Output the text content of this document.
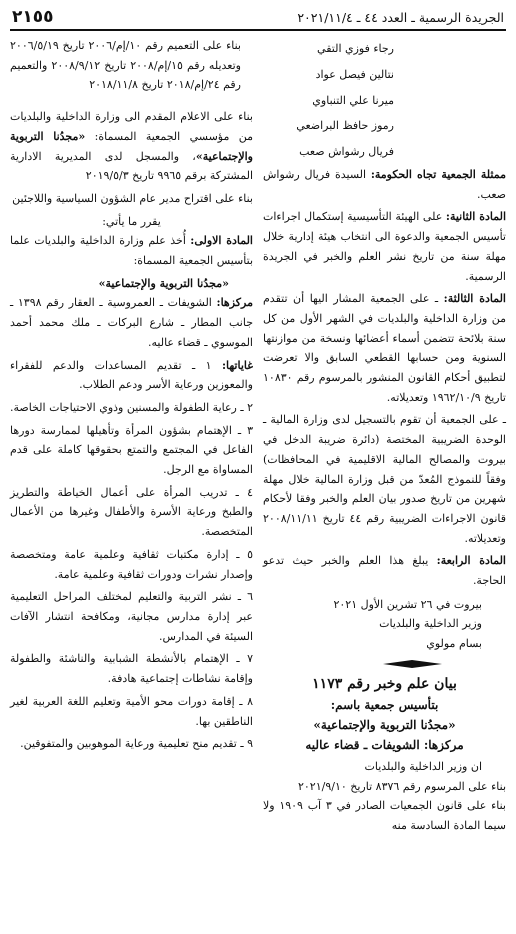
الجريدة الرسمية ـ العدد ٤٤ ـ ٢٠٢١/١١/٤
٢١٥٥
رجاء فوزي التقي
نتالين فيصل عواد
ميرنا علي التنباوي
رموز حافظ البراضعي
فريال رشواش صعب

ممثلة الجمعية تجاه الحكومة: السيدة فريال رشواش صعب.

المادة الثانية: على الهيئة التأسيسية إستكمال اجراءات تأسيس الجمعية والدعوة الى انتخاب هيئة إدارية خلال مهلة سنة من تاريخ نشر العلم والخبر في الجريدة الرسمية.

المادة الثالثة: ـ على الجمعية المشار اليها أن تتقدم من وزارة الداخلية والبلديات في الشهر الأول من كل سنة بلائحة تتضمن أسماء أعضائها ونسخة من موازنتها السنوية ومن حسابها القطعي السابق والا تعرضت لتطبيق أحكام القانون المنشور بالمرسوم رقم ١٠٨٣٠ تاريخ ١٩٦٢/١٠/٩ وتعديلاته.

ـ على الجمعية أن تقوم بالتسجيل لدى وزارة المالية ـ الوحدة الضريبية المختصة (دائرة ضريبة الدخل في بيروت والمصالح المالية الاقليمية في المحافظات) وفقاً للنموذج المُعدّ من قبل وزارة المالية خلال مهلة شهرين من تاريخ صدور بيان العلم والخبر وفقا لأحكام قانون الاجراءات الضريبية رقم ٤٤ تاريخ ٢٠٠٨/١١/١١ وتعديلاته.

المادة الرابعة: يبلغ هذا العلم والخبر حيث تدعو الحاجة.

بيروت في ٢٦ تشرين الأول ٢٠٢١
وزير الداخلية والبلديات
بسام مولوي
بيان علم وخبر رقم ١١٧٣
بتأسيس جمعية باسم:
«مجدُنا التربوية والإجتماعية»
مركزها: الشويفات ـ قضاء عاليه
ان وزير الداخلية والبلديات

بناء على المرسوم رقم ٨٣٧٦ تاريخ ٢٠٢١/٩/١٠

بناء على قانون الجمعيات الصادر في ٣ آب ١٩٠٩ ولا سيما المادة السادسة منه

بناء على التعميم رقم ١٠/إم/٢٠٠٦ تاريخ ٢٠٠٦/٥/١٩ وتعديله رقم ١٥/إم/٢٠٠٨ تاريخ ٢٠٠٨/٩/١٢ والتعميم رقم ٢٤/إم/٢٠١٨ تاريخ ٢٠١٨/١١/٨

بناء على الاعلام المقدم الى وزارة الداخلية والبلديات من مؤسسي الجمعية المسماة: «مجدُنا التربوية والإجتماعية»، والمسجل لدى المديرية الادارية المشتركة برقم ٩٩٦٥ تاريخ ٢٠١٩/٥/٣

بناء على اقتراح مدير عام الشؤون السياسية واللاجئين

يقرر ما يأتي:

المادة الاولى: أُخذ علم وزارة الداخلية والبلديات علما بتأسيس الجمعية المسماة:

«مجدُنا التربوية والإجتماعية»

مركزها: الشويفات ـ العمروسية ـ العقار رقم ١٣٩٨ ـ جانب المطار ـ شارع البركات ـ ملك محمد أحمد الموسوي ـ قضاء عاليه.

غاياتها: ١ ـ تقديم المساعدات والدعم للفقراء والمعوزين ورعاية الأسر ودعم الطلاب.

٢ ـ رعاية الطفولة والمسنين وذوي الاحتياجات الخاصة.

٣ ـ الإهتمام بشؤون المرأة وتأهيلها لممارسة دورها الفاعل في المجتمع والتمتع بحقوقها كاملة على قدم المساواة مع الرجل.

٤ ـ تدريب المرأة على أعمال الخياطة والتطريز والطبخ ورعاية الأسرة والأطفال وغيرها من الأعمال المتخصصة.

٥ ـ إدارة مكتبات ثقافية وعلمية عامة ومتخصصة وإصدار نشرات ودورات ثقافية وعلمية عامة.

٦ ـ نشر التربية والتعليم لمختلف المراحل التعليمية عبر إدارة مدارس مجانية، ومكافحة انتشار الآفات السيئة في المدارس.

٧ ـ الإهتمام بالأنشطة الشبابية والناشئة والطفولة وإقامة نشاطات إجتماعية هادفة.

٨ ـ إقامة دورات محو الأمية وتعليم اللغة العربية لغير الناطقين بها.

٩ ـ تقديم منح تعليمية ورعاية الموهوبين والمتفوقين.
